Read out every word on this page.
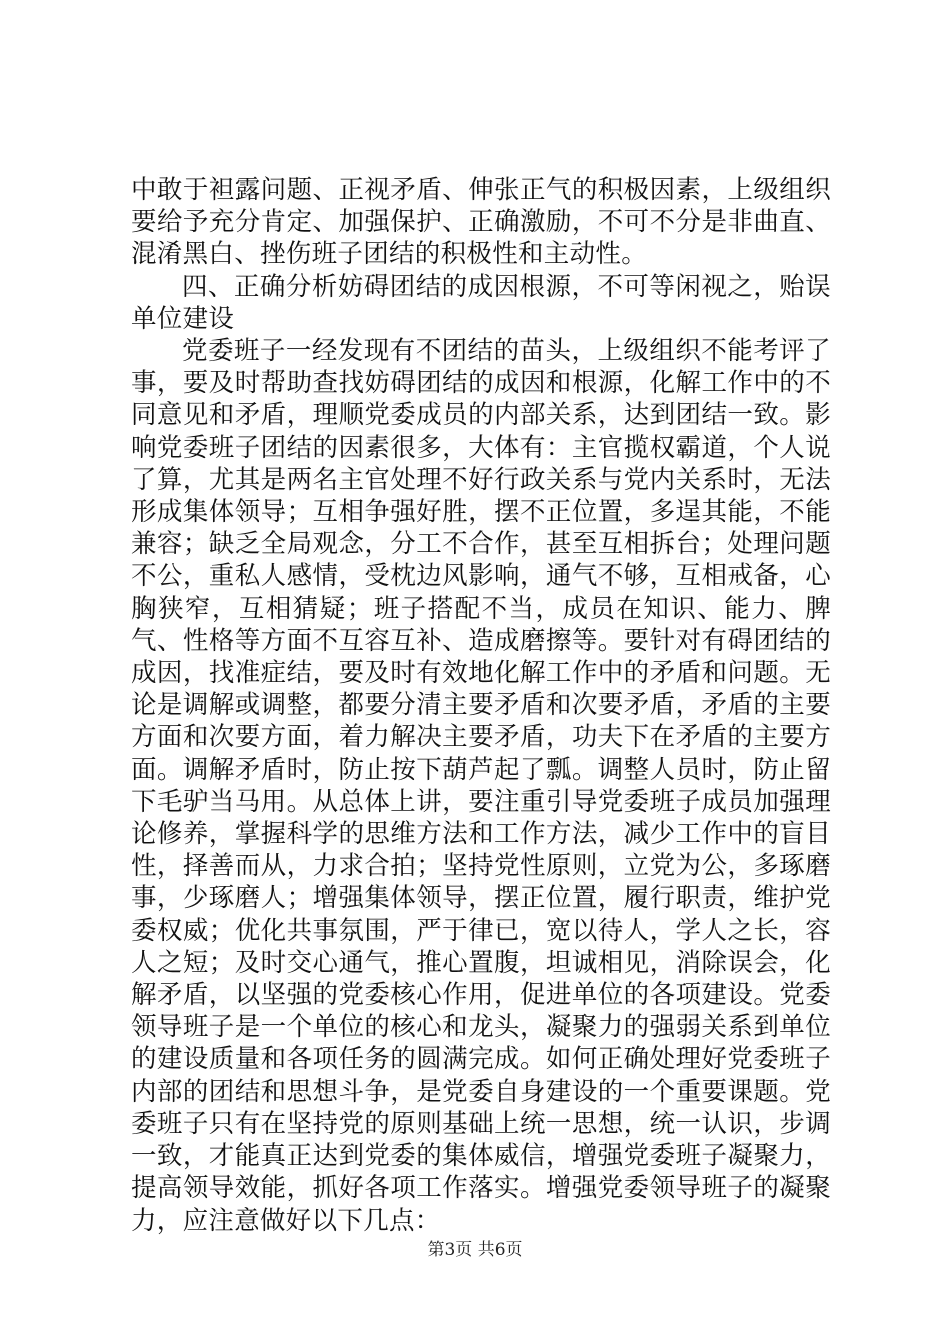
中敢于袒露问题、正视矛盾、伸张正气的积极因素，上级组织要给予充分肯定、加强保护、正确激励，不可不分是非曲直、混淆黑白、挫伤班子团结的积极性和主动性。

四、正确分析妨碍团结的成因根源，不可等闲视之，贻误单位建设

党委班子一经发现有不团结的苗头，上级组织不能考评了事，要及时帮助查找妨碍团结的成因和根源，化解工作中的不同意见和矛盾，理顺党委成员的内部关系，达到团结一致。影响党委班子团结的因素很多，大体有：主官揽权霸道，个人说了算，尤其是两名主官处理不好行政关系与党内关系时，无法形成集体领导；互相争强好胜，摆不正位置，多逞其能，不能兼容；缺乏全局观念，分工不合作，甚至互相拆台；处理问题不公，重私人感情，受枕边风影响，通气不够，互相戒备，心胸狭窄，互相猜疑；班子搭配不当，成员在知识、能力、脾气、性格等方面不互容互补、造成磨擦等。要针对有碍团结的成因，找准症结，要及时有效地化解工作中的矛盾和问题。无论是调解或调整，都要分清主要矛盾和次要矛盾，矛盾的主要方面和次要方面，着力解决主要矛盾，功夫下在矛盾的主要方面。调解矛盾时，防止按下葫芦起了瓢。调整人员时，防止留下毛驴当马用。从总体上讲，要注重引导党委班子成员加强理论修养，掌握科学的思维方法和工作方法，减少工作中的盲目性，择善而从，力求合拍；坚持党性原则，立党为公，多琢磨事，少琢磨人；增强集体领导，摆正位置，履行职责，维护党委权威；优化共事氛围，严于律已，宽以待人，学人之长，容人之短；及时交心通气，推心置腹，坦诚相见，消除误会，化解矛盾，以坚强的党委核心作用，促进单位的各项建设。党委领导班子是一个单位的核心和龙头，凝聚力的强弱关系到单位的建设质量和各项任务的圆满完成。如何正确处理好党委班子内部的团结和思想斗争，是党委自身建设的一个重要课题。党委班子只有在坚持党的原则基础上统一思想，统一认识，步调一致，才能真正达到党委的集体威信，增强党委班子凝聚力，提高领导效能，抓好各项工作落实。增强党委领导班子的凝聚力，应注意做好以下几点：

第3页 共6页
